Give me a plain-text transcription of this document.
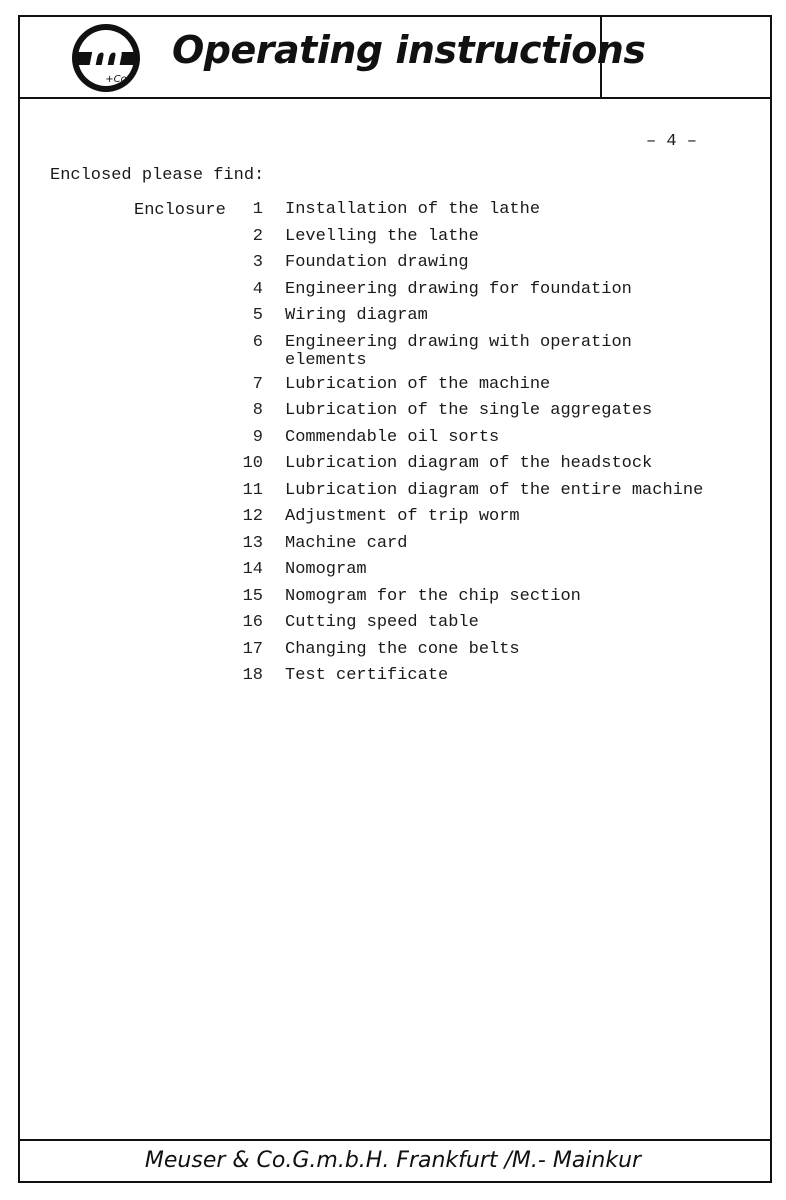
m
+Co
Operating instructions
– 4 –
Enclosed please find:
Enclosure	1	Installation of the lathe
2	Levelling the lathe
3	Foundation drawing
4	Engineering drawing for foundation
5	Wiring diagram
6	Engineering drawing with operation
elements
7	Lubrication of the machine
8	Lubrication of the single aggregates
9	Commendable oil sorts
10	Lubrication diagram of the headstock
11	Lubrication diagram of the entire machine
12	Adjustment of trip worm
13	Machine card
14	Nomogram
15	Nomogram for the chip section
16	Cutting speed table
17	Changing the cone belts
18	Test certificate
Meuser & Co.G.m.b.H. Frankfurt /M.- Mainkur
